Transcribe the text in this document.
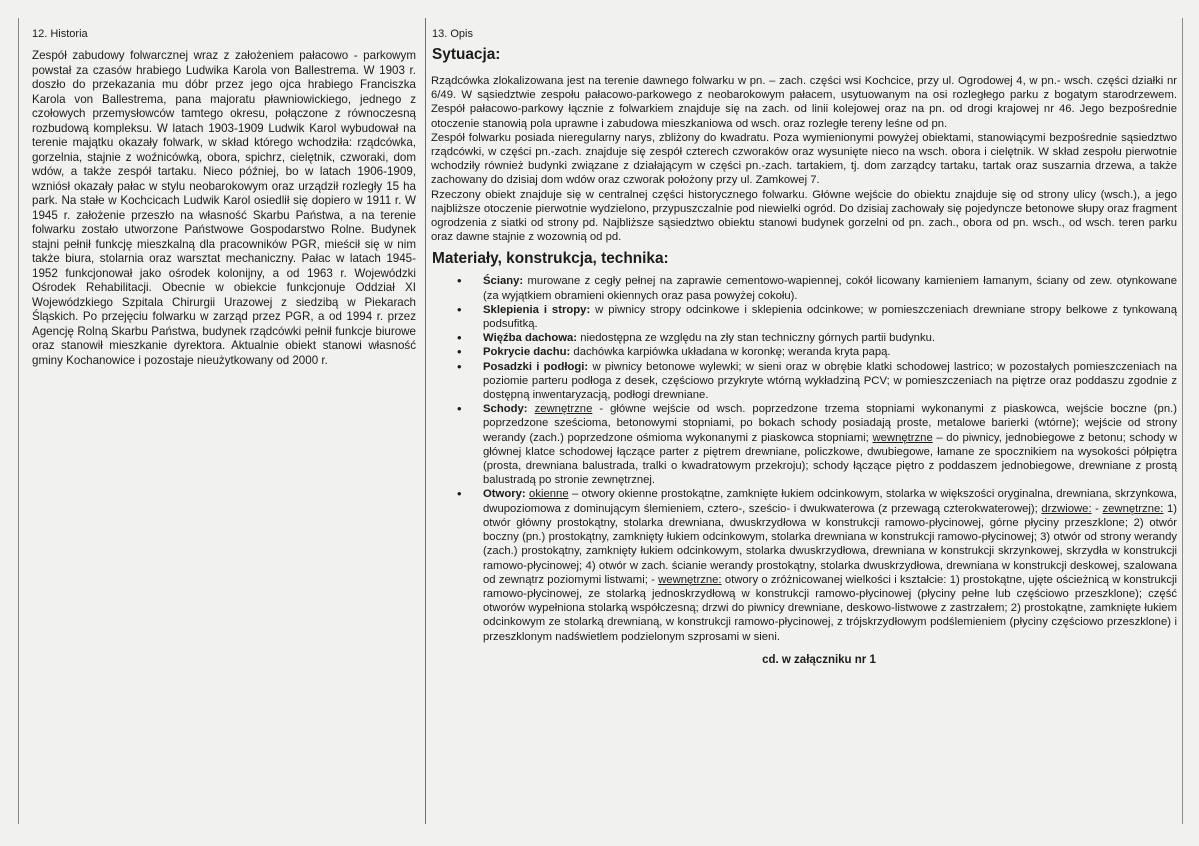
12. Historia

Zespół zabudowy folwarcznej wraz z założeniem pałacowo - parkowym powstał za czasów hrabiego Ludwika Karola von Ballestrema. W 1903 r. doszło do przekazania mu dóbr przez jego ojca hrabiego Franciszka Karola von Ballestrema, pana majoratu pławniowickiego, jednego z czołowych przemysłowców tamtego okresu, połączone z równoczesną rozbudową kompleksu. W latach 1903-1909 Ludwik Karol wybudował na terenie majątku okazały folwark, w skład którego wchodziła: rządcówka, gorzelnia, stajnie z woźnicówką, obora, spichrz, cielętnik, czworaki, dom wdów, a także zespół tartaku. Nieco później, bo w latach 1906-1909, wzniósł okazały pałac w stylu neobarokowym oraz urządził rozległy 15 ha park. Na stałe w Kochcicach Ludwik Karol osiedlił się dopiero w 1911 r. W 1945 r. założenie przeszło na własność Skarbu Państwa, a na terenie folwarku zostało utworzone Państwowe Gospodarstwo Rolne. Budynek stajni pełnił funkcję mieszkalną dla pracowników PGR, mieścił się w nim także biura, stolarnia oraz warsztat mechaniczny. Pałac w latach 1945-1952 funkcjonował jako ośrodek kolonijny, a od 1963 r. Wojewódzki Ośrodek Rehabilitacji. Obecnie w obiekcie funkcjonuje Oddział XI Wojewódzkiego Szpitala Chirurgii Urazowej z siedzibą w Piekarach Śląskich. Po przejęciu folwarku w zarząd przez PGR, a od 1994 r. przez Agencję Rolną Skarbu Państwa, budynek rządcówki pełnił funkcje biurowe oraz stanowił mieszkanie dyrektora. Aktualnie obiekt stanowi własność gminy Kochanowice i pozostaje nieużytkowany od 2000 r.

13. Opis
Sytuacja:

Rządcówka zlokalizowana jest na terenie dawnego folwarku w pn. – zach. części wsi Kochcice, przy ul. Ogrodowej 4, w pn.- wsch. części działki nr 6/49. W sąsiedztwie zespołu pałacowo-parkowego z neobarokowym pałacem, usytuowanym na osi rozległego parku z bogatym starodrzewem. Zespół pałacowo-parkowy łącznie z folwarkiem znajduje się na zach. od linii kolejowej oraz na pn. od drogi krajowej nr 46. Jego bezpośrednie otoczenie stanowią pola uprawne i zabudowa mieszkaniowa od wsch. oraz rozległe tereny leśne od pn.

Zespół folwarku posiada nieregularny narys, zbliżony do kwadratu. Poza wymienionymi powyżej obiektami, stanowiącymi bezpośrednie sąsiedztwo rządcówki, w części pn.-zach. znajduje się zespół czterech czworaków oraz wysunięte nieco na wsch. obora i cielętnik. W skład zespołu pierwotnie wchodziły również budynki związane z działającym w części pn.-zach. tartakiem, tj. dom zarządcy tartaku, tartak oraz suszarnia drzewa, a także zachowany do dzisiaj dom wdów oraz czworak położony przy ul. Zamkowej 7.

Rzeczony obiekt znajduje się w centralnej części historycznego folwarku. Główne wejście do obiektu znajduje się od strony ulicy (wsch.), a jego najbliższe otoczenie pierwotnie wydzielono, przypuszczalnie pod niewielki ogród. Do dzisiaj zachowały się pojedyncze betonowe słupy oraz fragment ogrodzenia z siatki od strony pd. Najbliższe sąsiedztwo obiektu stanowi budynek gorzelni od pn. zach., obora od pn. wsch., od wsch. teren parku oraz dawne stajnie z wozownią od pd.

Materiały, konstrukcja, technika:
• Ściany: murowane z cegły pełnej na zaprawie cementowo-wapiennej, cokół licowany kamieniem łamanym, ściany od zew. otynkowane (za wyjątkiem obramieni okiennych oraz pasa powyżej cokołu).
• Sklepienia i stropy: w piwnicy stropy odcinkowe i sklepienia odcinkowe; w pomieszczeniach drewniane stropy belkowe z tynkowaną podsufitką.
• Więźba dachowa: niedostępna ze względu na zły stan techniczny górnych partii budynku.
• Pokrycie dachu: dachówka karpiówka układana w koronkę; weranda kryta papą.
• Posadzki i podłogi: w piwnicy betonowe wylewki; w sieni oraz w obrębie klatki schodowej lastrico; w pozostałych pomieszczeniach na poziomie parteru podłoga z desek, częściowo przykryte wtórną wykładziną PCV; w pomieszczeniach na piętrze oraz poddaszu zgodnie z dostępną inwentaryzacją, podłogi drewniane.
• Schody: zewnętrzne - główne wejście od wsch. poprzedzone trzema stopniami wykonanymi z piaskowca, wejście boczne (pn.) poprzedzone sześcioma, betonowymi stopniami, po bokach schody posiadają proste, metalowe barierki (wtórne); wejście od strony werandy (zach.) poprzedzone ośmioma wykonanymi z piaskowca stopniami; wewnętrzne – do piwnicy, jednobiegowe z betonu; schody w głównej klatce schodowej łączące parter z piętrem drewniane, policzkowe, dwubiegowe, łamane ze spocznikiem na wysokości półpiętra (prosta, drewniana balustrada, tralki o kwadratowym przekroju); schody łączące piętro z poddaszem jednobiegowe, drewniane z prostą balustradą po stronie zewnętrznej.
• Otwory: okienne – otwory okienne prostokątne, zamknięte łukiem odcinkowym, stolarka w większości oryginalna, drewniana, skrzynkowa, dwupoziomowa z dominującym ślemieniem, cztero-, sześcio- i dwukwaterowa (z przewagą czterokwaterowej); drzwiowe: - zewnętrzne: 1) otwór główny prostokątny, stolarka drewniana, dwuskrzydłowa w konstrukcji ramowo-płycinowej, górne płyciny przeszklone; 2) otwór boczny (pn.) prostokątny, zamknięty łukiem odcinkowym, stolarka drewniana w konstrukcji ramowo-płycinowej; 3) otwór od strony werandy (zach.) prostokątny, zamknięty łukiem odcinkowym, stolarka dwuskrzydłowa, drewniana w konstrukcji skrzynkowej, skrzydła w konstrukcji ramowo-płycinowej; 4) otwór w zach. ścianie werandy prostokątny, stolarka dwuskrzydłowa, drewniana w konstrukcji deskowej, szalowana od zewnątrz poziomymi listwami; - wewnętrzne: otwory o zróżnicowanej wielkości i kształcie: 1) prostokątne, ujęte ościeżnicą w konstrukcji ramowo-płycinowej, ze stolarką jednoskrzydłową w konstrukcji ramowo-płycinowej (płyciny pełne lub częściowo przeszklone); część otworów wypełniona stolarką współczesną; drzwi do piwnicy drewniane, deskowo-listwowe z zastrzałem; 2) prostokątne, zamknięte łukiem odcinkowym ze stolarką drewnianą, w konstrukcji ramowo-płycinowej, z trójskrzydłowym podślemieniem (płyciny częściowo przeszklone) i przeszklonym nadświetlem podzielonym szprosami w sieni.
cd. w załączniku nr 1
